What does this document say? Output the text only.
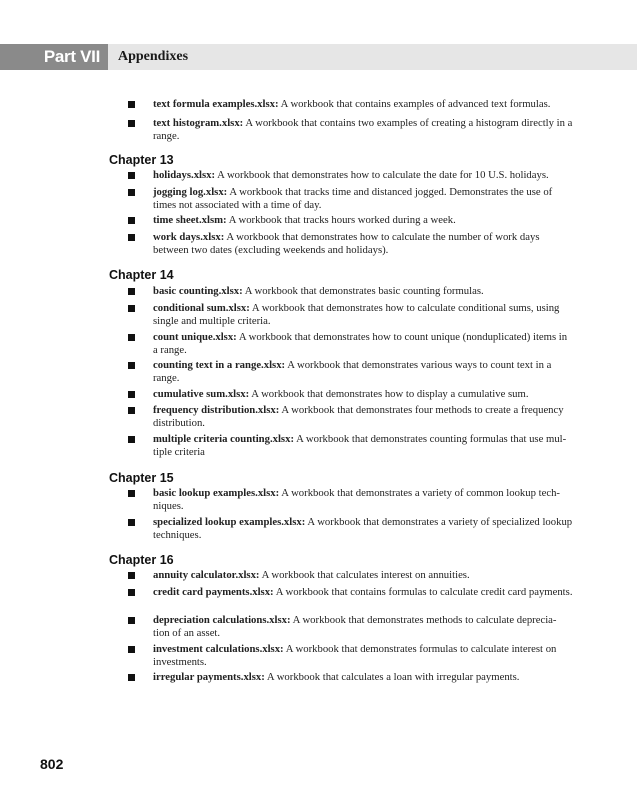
Part VII Appendixes
text formula examples.xlsx: A workbook that contains examples of advanced text formulas.
text histogram.xlsx: A workbook that contains two examples of creating a histogram directly in a range.
Chapter 13
holidays.xlsx: A workbook that demonstrates how to calculate the date for 10 U.S. holidays.
jogging log.xlsx: A workbook that tracks time and distanced jogged. Demonstrates the use of times not associated with a time of day.
time sheet.xlsm: A workbook that tracks hours worked during a week.
work days.xlsx: A workbook that demonstrates how to calculate the number of work days between two dates (excluding weekends and holidays).
Chapter 14
basic counting.xlsx: A workbook that demonstrates basic counting formulas.
conditional sum.xlsx: A workbook that demonstrates how to calculate conditional sums, using single and multiple criteria.
count unique.xlsx: A workbook that demonstrates how to count unique (nonduplicated) items in a range.
counting text in a range.xlsx: A workbook that demonstrates various ways to count text in a range.
cumulative sum.xlsx: A workbook that demonstrates how to display a cumulative sum.
frequency distribution.xlsx: A workbook that demonstrates four methods to create a frequency distribution.
multiple criteria counting.xlsx: A workbook that demonstrates counting formulas that use mul-tiple criteria
Chapter 15
basic lookup examples.xlsx: A workbook that demonstrates a variety of common lookup tech-niques.
specialized lookup examples.xlsx: A workbook that demonstrates a variety of specialized lookup techniques.
Chapter 16
annuity calculator.xlsx: A workbook that calculates interest on annuities.
credit card payments.xlsx: A workbook that contains formulas to calculate credit card payments.
depreciation calculations.xlsx: A workbook that demonstrates methods to calculate deprecia-tion of an asset.
investment calculations.xlsx: A workbook that demonstrates formulas to calculate interest on investments.
irregular payments.xlsx: A workbook that calculates a loan with irregular payments.
802
